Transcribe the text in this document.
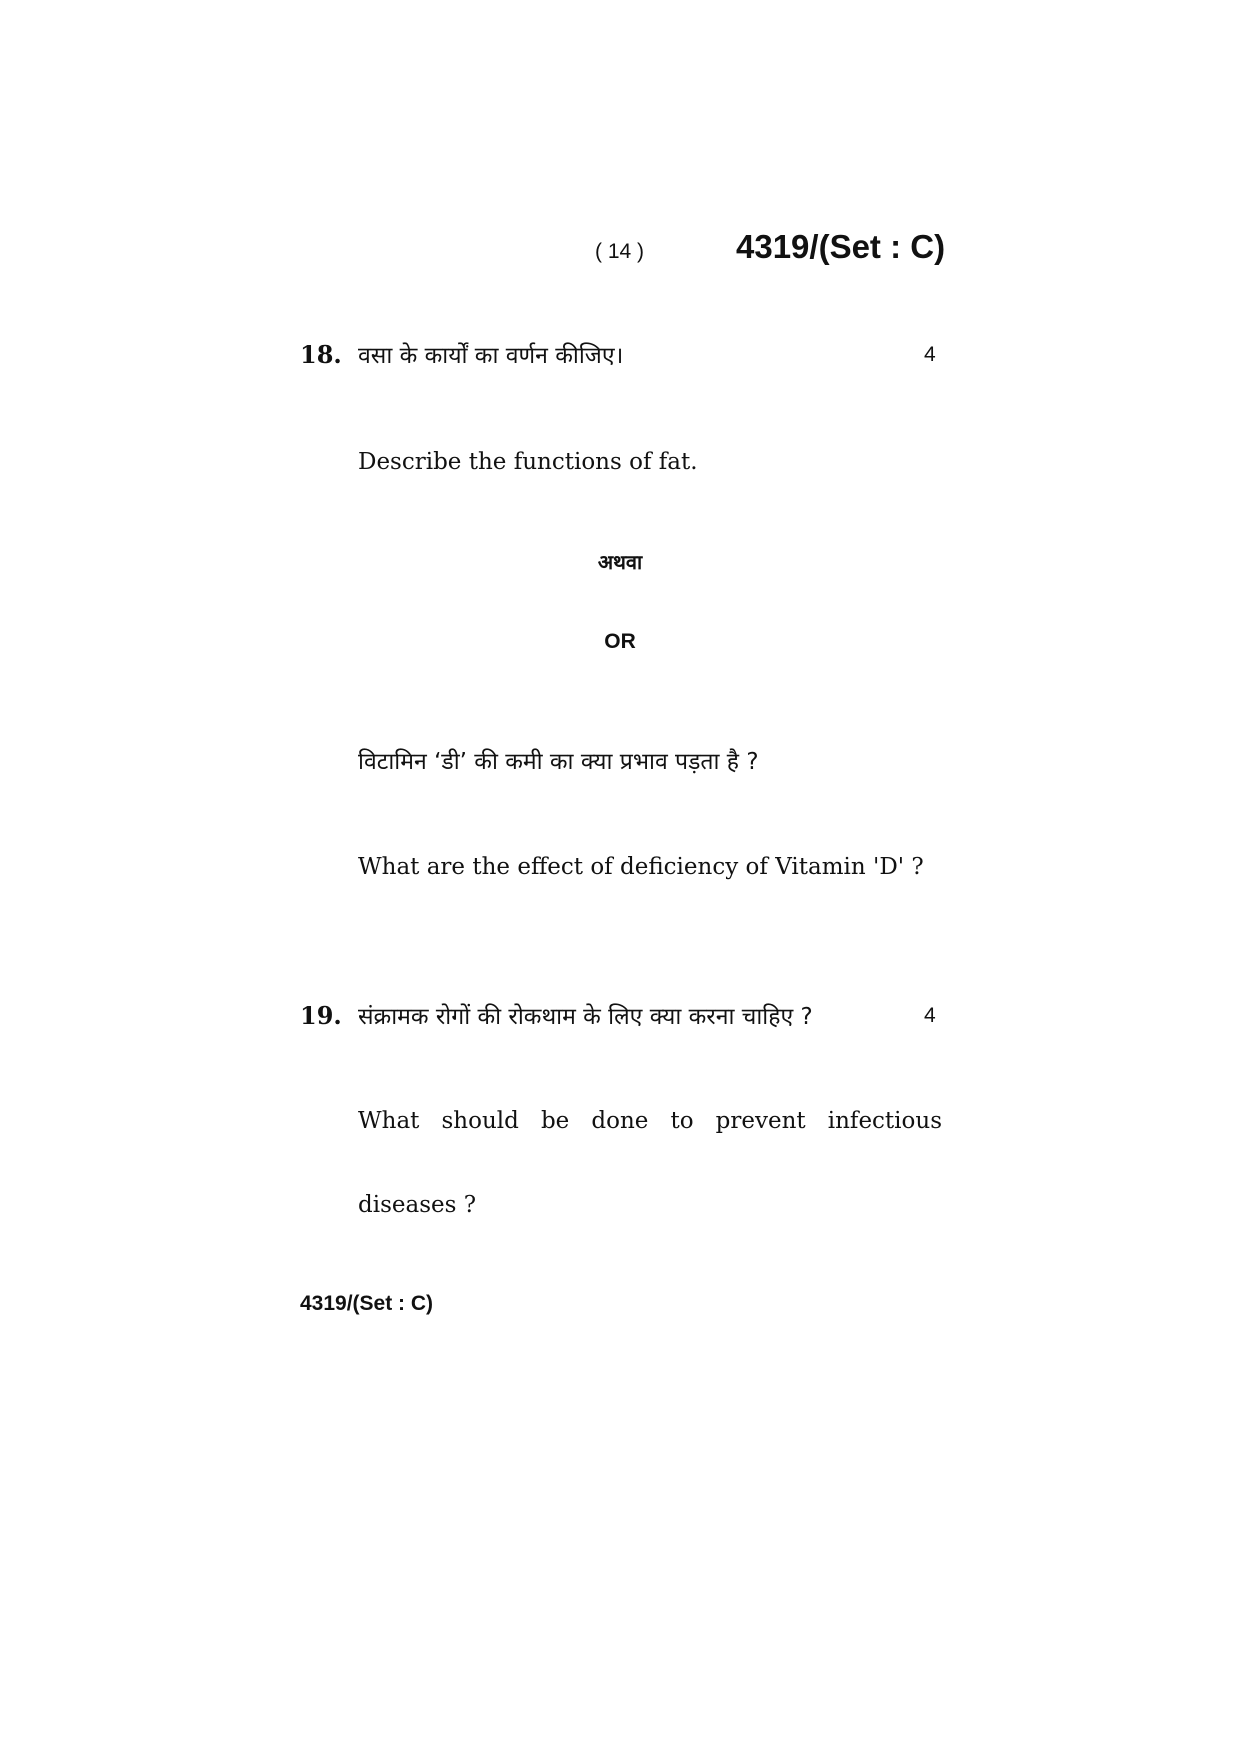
( 14 )	4319/(Set : C)
18. वसा के कार्यों का वर्णन कीजिए।	4
Describe the functions of fat.
अथवा
OR
विटामिन ‘डी’ की कमी का क्या प्रभाव पड़ता है ?
What are the effect of deficiency of Vitamin 'D' ?
19. संक्रामक रोगों की रोकथाम के लिए क्या करना चाहिए ?	4
What should be done to prevent infectious
diseases ?
4319/(Set : C)
